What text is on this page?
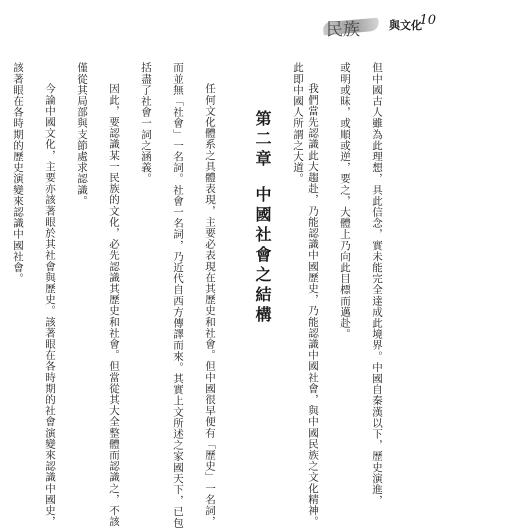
民族	與文化
10
但中國古人雖為此理想，具此信念，實未能完全達成此境界。中國自秦漢以下，歷史演進，
或明或昧，或順或逆，要之，大體上乃向此目標而邁赴。
我們當先認識此大趨赴，乃能認識中國歷史，乃能認識中國社會，與中國民族之文化精神。
此即中國人所謂之大道。
第二章
中國社會之結構
任何文化體系之具體表現，主要必表現在其歷史和社會。但中國很早便有「歷史」一名詞，
而並無「社會」一名詞。社會一名詞，乃近代自西方傳譯而來。其實上文所述之家國天下，已包
括盡了社會一詞之涵義。
因此，要認識某一民族的文化，必先認識其歷史和社會。但當從其大全整體而認識之，不該
僅從其局部與支節處求認識。
今論中國文化，主要亦該著眼於其社會與歷史。該著眼在各時期的社會演變來認識中國史，
該著眼在各時期的歷史演變來認識中國社會。
